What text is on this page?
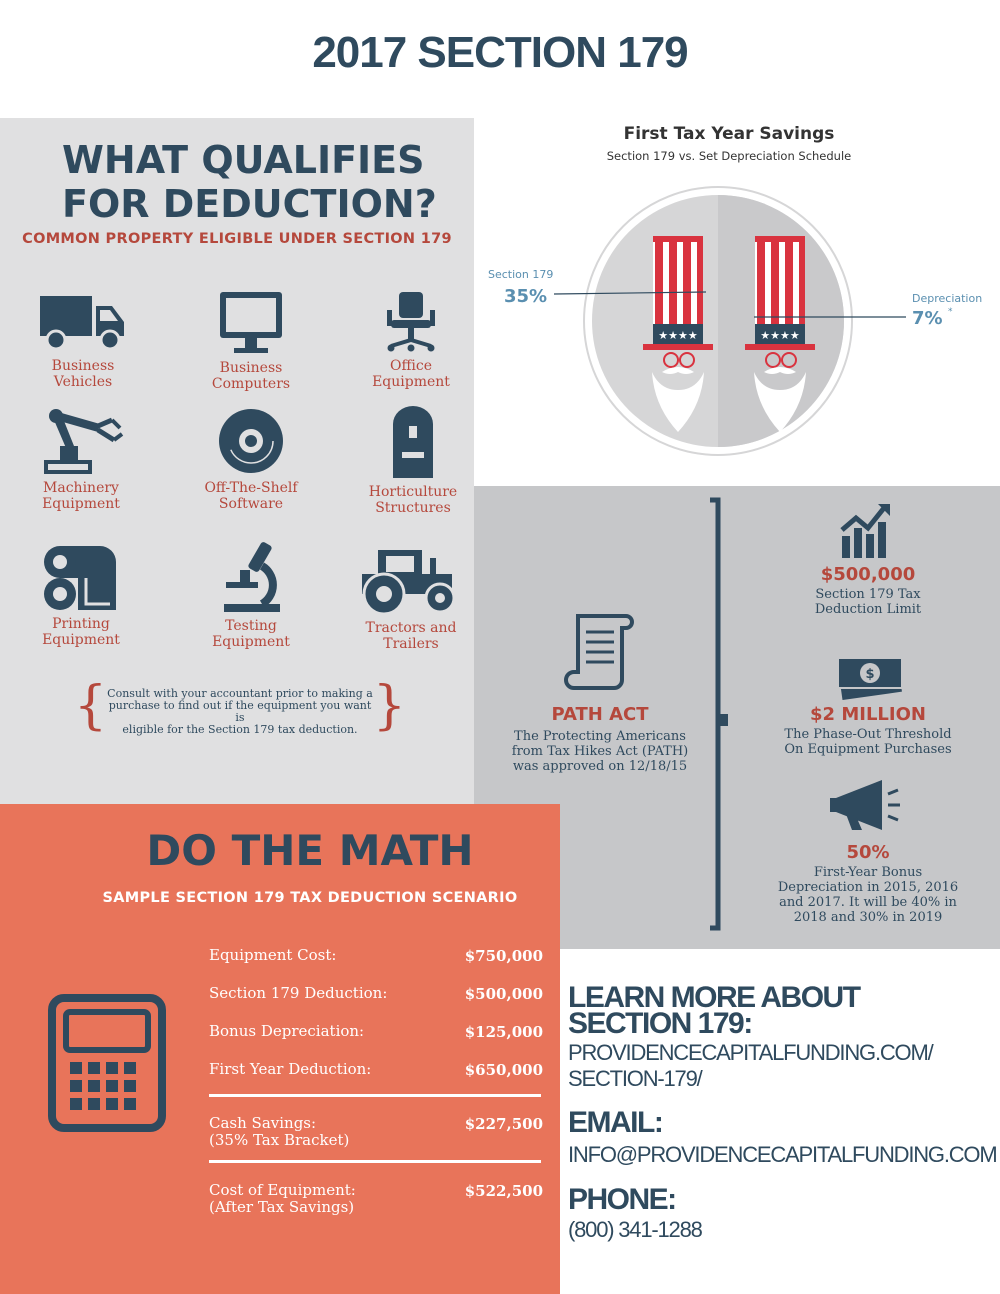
2017 SECTION 179
WHAT QUALIFIES
FOR DEDUCTION?
COMMON PROPERTY ELIGIBLE UNDER SECTION 179
Business
Vehicles
Business
Computers
Office
Equipment
Machinery
Equipment
Off-The-Shelf
Software
Horticulture
Structures
Printing
Equipment
Testing
Equipment
Tractors and
Trailers
{ Consult with your accountant prior to making a
purchase to find out if the equipment you want is
eligible for the Section 179 tax deduction. }
First Tax Year Savings
Section 179 vs. Set Depreciation Schedule
★★★★	★★★★
Section 179
35%	Depreciation
7% *
PATH ACT
The Protecting Americans
from Tax Hikes Act (PATH)
was approved on 12/18/15
$500,000
Section 179 Tax
Deduction Limit
$
$2 MILLION
The Phase-Out Threshold
On Equipment Purchases
50%
First-Year Bonus
Depreciation in 2015, 2016
and 2017. It will be 40% in
2018 and 30% in 2019
DO THE MATH
SAMPLE SECTION 179 TAX DEDUCTION SCENARIO
Equipment Cost:	$750,000
Section 179 Deduction:	$500,000
Bonus Depreciation:	$125,000
First Year Deduction:	$650,000
Cash Savings:
(35% Tax Bracket)
$227,500
Cost of Equipment:
(After Tax Savings)
$522,500
LEARN MORE ABOUT
SECTION 179:
PROVIDENCECAPITALFUNDING.COM/
SECTION-179/
EMAIL:
INFO@PROVIDENCECAPITALFUNDING.COM
PHONE:
(800) 341-1288
